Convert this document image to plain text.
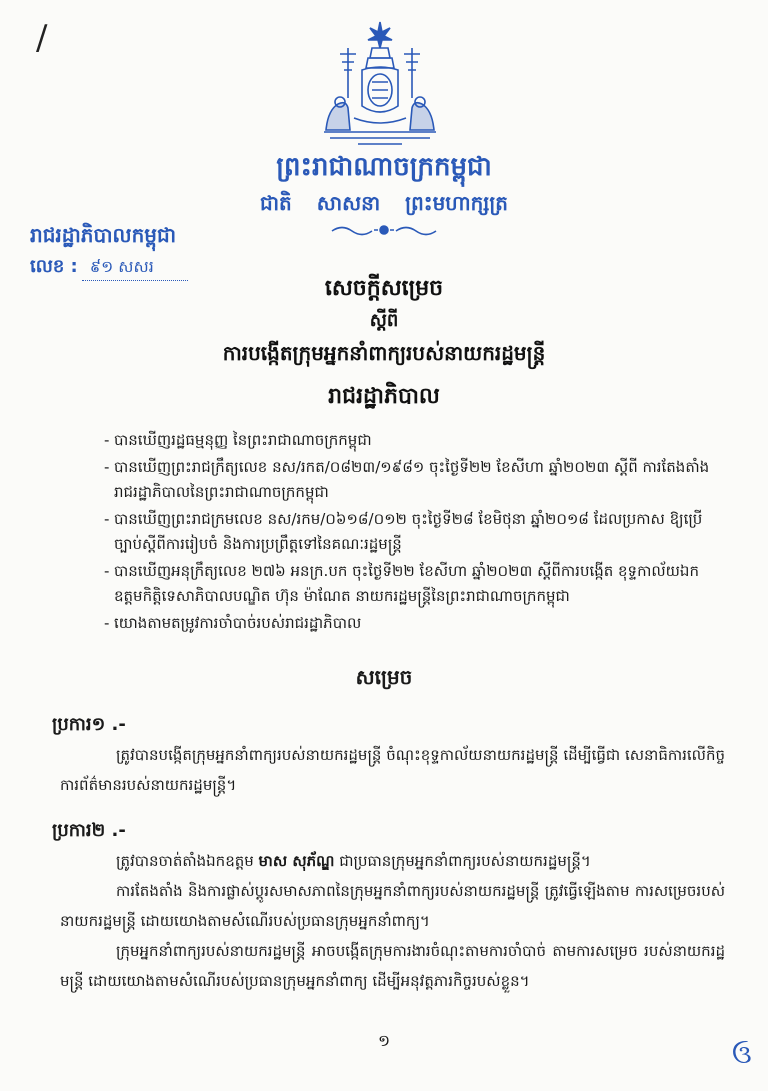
/
ព្រះរាជាណាចក្រកម្ពុជា
ជាតិ សាសនា ព្រះមហាក្សត្រ
រាជរដ្ឋាភិបាលកម្ពុជា
លេខ : ៩១ សសរ
សេចក្តីសម្រេច
ស្តីពី
ការបង្កើតក្រុមអ្នកនាំពាក្យរបស់នាយករដ្ឋមន្ត្រី
រាជរដ្ឋាភិបាល
- បានឃើញរដ្ឋធម្មនុញ្ញ នៃព្រះរាជាណាចក្រកម្ពុជា
- បានឃើញព្រះរាជក្រឹត្យលេខ នស/រកត/០៨២៣/១៩៨១ ចុះថ្ងៃទី២២ ខែសីហា ឆ្នាំ២០២៣ ស្តីពី ការតែងតាំងរាជរដ្ឋាភិបាលនៃព្រះរាជាណាចក្រកម្ពុជា
- បានឃើញព្រះរាជក្រមលេខ នស/រកម/០៦១៨/០១២ ចុះថ្ងៃទី២៨ ខែមិថុនា ឆ្នាំ២០១៨ ដែលប្រកាស ឱ្យប្រើច្បាប់ស្តីពីការរៀបចំ និងការប្រព្រឹត្តទៅនៃគណៈរដ្ឋមន្ត្រី
- បានឃើញអនុក្រឹត្យលេខ ២៧៦ អនក្រ.បក ចុះថ្ងៃទី២២ ខែសីហា ឆ្នាំ២០២៣ ស្តីពីការបង្កើត ខុទ្ទកាល័យឯកឧត្តមកិត្តិទេសាភិបាលបណ្ឌិត ហ៊ុន ម៉ាណែត នាយករដ្ឋមន្ត្រីនៃព្រះរាជាណាចក្រកម្ពុជា
- យោងតាមតម្រូវការចាំបាច់របស់រាជរដ្ឋាភិបាល
សម្រេច
ប្រការ១ .-

ត្រូវបានបង្កើតក្រុមអ្នកនាំពាក្យរបស់នាយករដ្ឋមន្ត្រី ចំណុះខុទ្ទកាល័យនាយករដ្ឋមន្ត្រី ដើម្បីធ្វើជា សេនាធិការលើកិច្ចការព័ត៌មានរបស់នាយករដ្ឋមន្ត្រី។

ប្រការ២ .-

ត្រូវបានចាត់តាំងឯកឧត្តម មាស សុភ័ណ្ឌ ជាប្រធានក្រុមអ្នកនាំពាក្យរបស់នាយករដ្ឋមន្ត្រី។

ការតែងតាំង និងការផ្លាស់ប្តូរសមាសភាពនៃក្រុមអ្នកនាំពាក្យរបស់នាយករដ្ឋមន្ត្រី ត្រូវធ្វើឡើងតាម ការសម្រេចរបស់នាយករដ្ឋមន្ត្រី ដោយយោងតាមសំណើរបស់ប្រធានក្រុមអ្នកនាំពាក្យ។

ក្រុមអ្នកនាំពាក្យរបស់នាយករដ្ឋមន្ត្រី អាចបង្កើតក្រុមការងារចំណុះតាមការចាំបាច់ តាមការសម្រេច របស់នាយករដ្ឋមន្ត្រី ដោយយោងតាមសំណើរបស់ប្រធានក្រុមអ្នកនាំពាក្យ ដើម្បីអនុវត្តភារកិច្ចរបស់ខ្លួន។

១	ઉ
